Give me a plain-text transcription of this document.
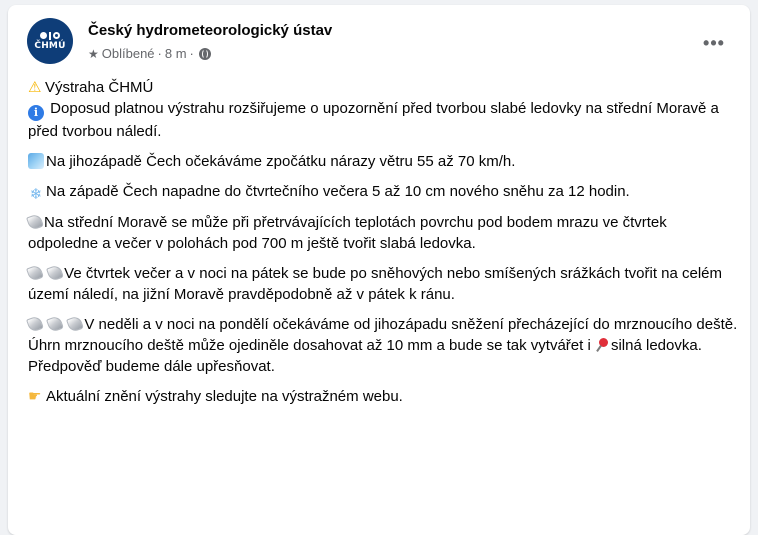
ČHMÚ
Český hydrometeorologický ústav
★ Oblíbené · 8 m ·
•••
⚠ Výstraha ČHMÚ
i Doposud platnou výstrahu rozšiřujeme o upozornění před tvorbou slabé ledovky na střední Moravě a před tvorbou náledí.
Na jihozápadě Čech očekáváme zpočátku nárazy větru 55 až 70 km/h.
❄ Na západě Čech napadne do čtvrtečního večera 5 až 10 cm nového sněhu za 12 hodin.
Na střední Moravě se může při přetrvávajících teplotách povrchu pod bodem mrazu ve čtvrtek odpoledne a večer v polohách pod 700 m ještě tvořit slabá ledovka.
Ve čtvrtek večer a v noci na pátek se bude po sněhových nebo smíšených srážkách tvořit na celém území náledí, na jižní Moravě pravděpodobně až v pátek k ránu.
V neděli a v noci na pondělí očekáváme od jihozápadu sněžení přecházející do mrznoucího deště. Úhrn mrznoucího deště může ojediněle dosahovat až 10 mm a bude se tak vytvářet i silná ledovka. Předpověď budeme dále upřesňovat.
☛ Aktuální znění výstrahy sledujte na výstražném webu.
